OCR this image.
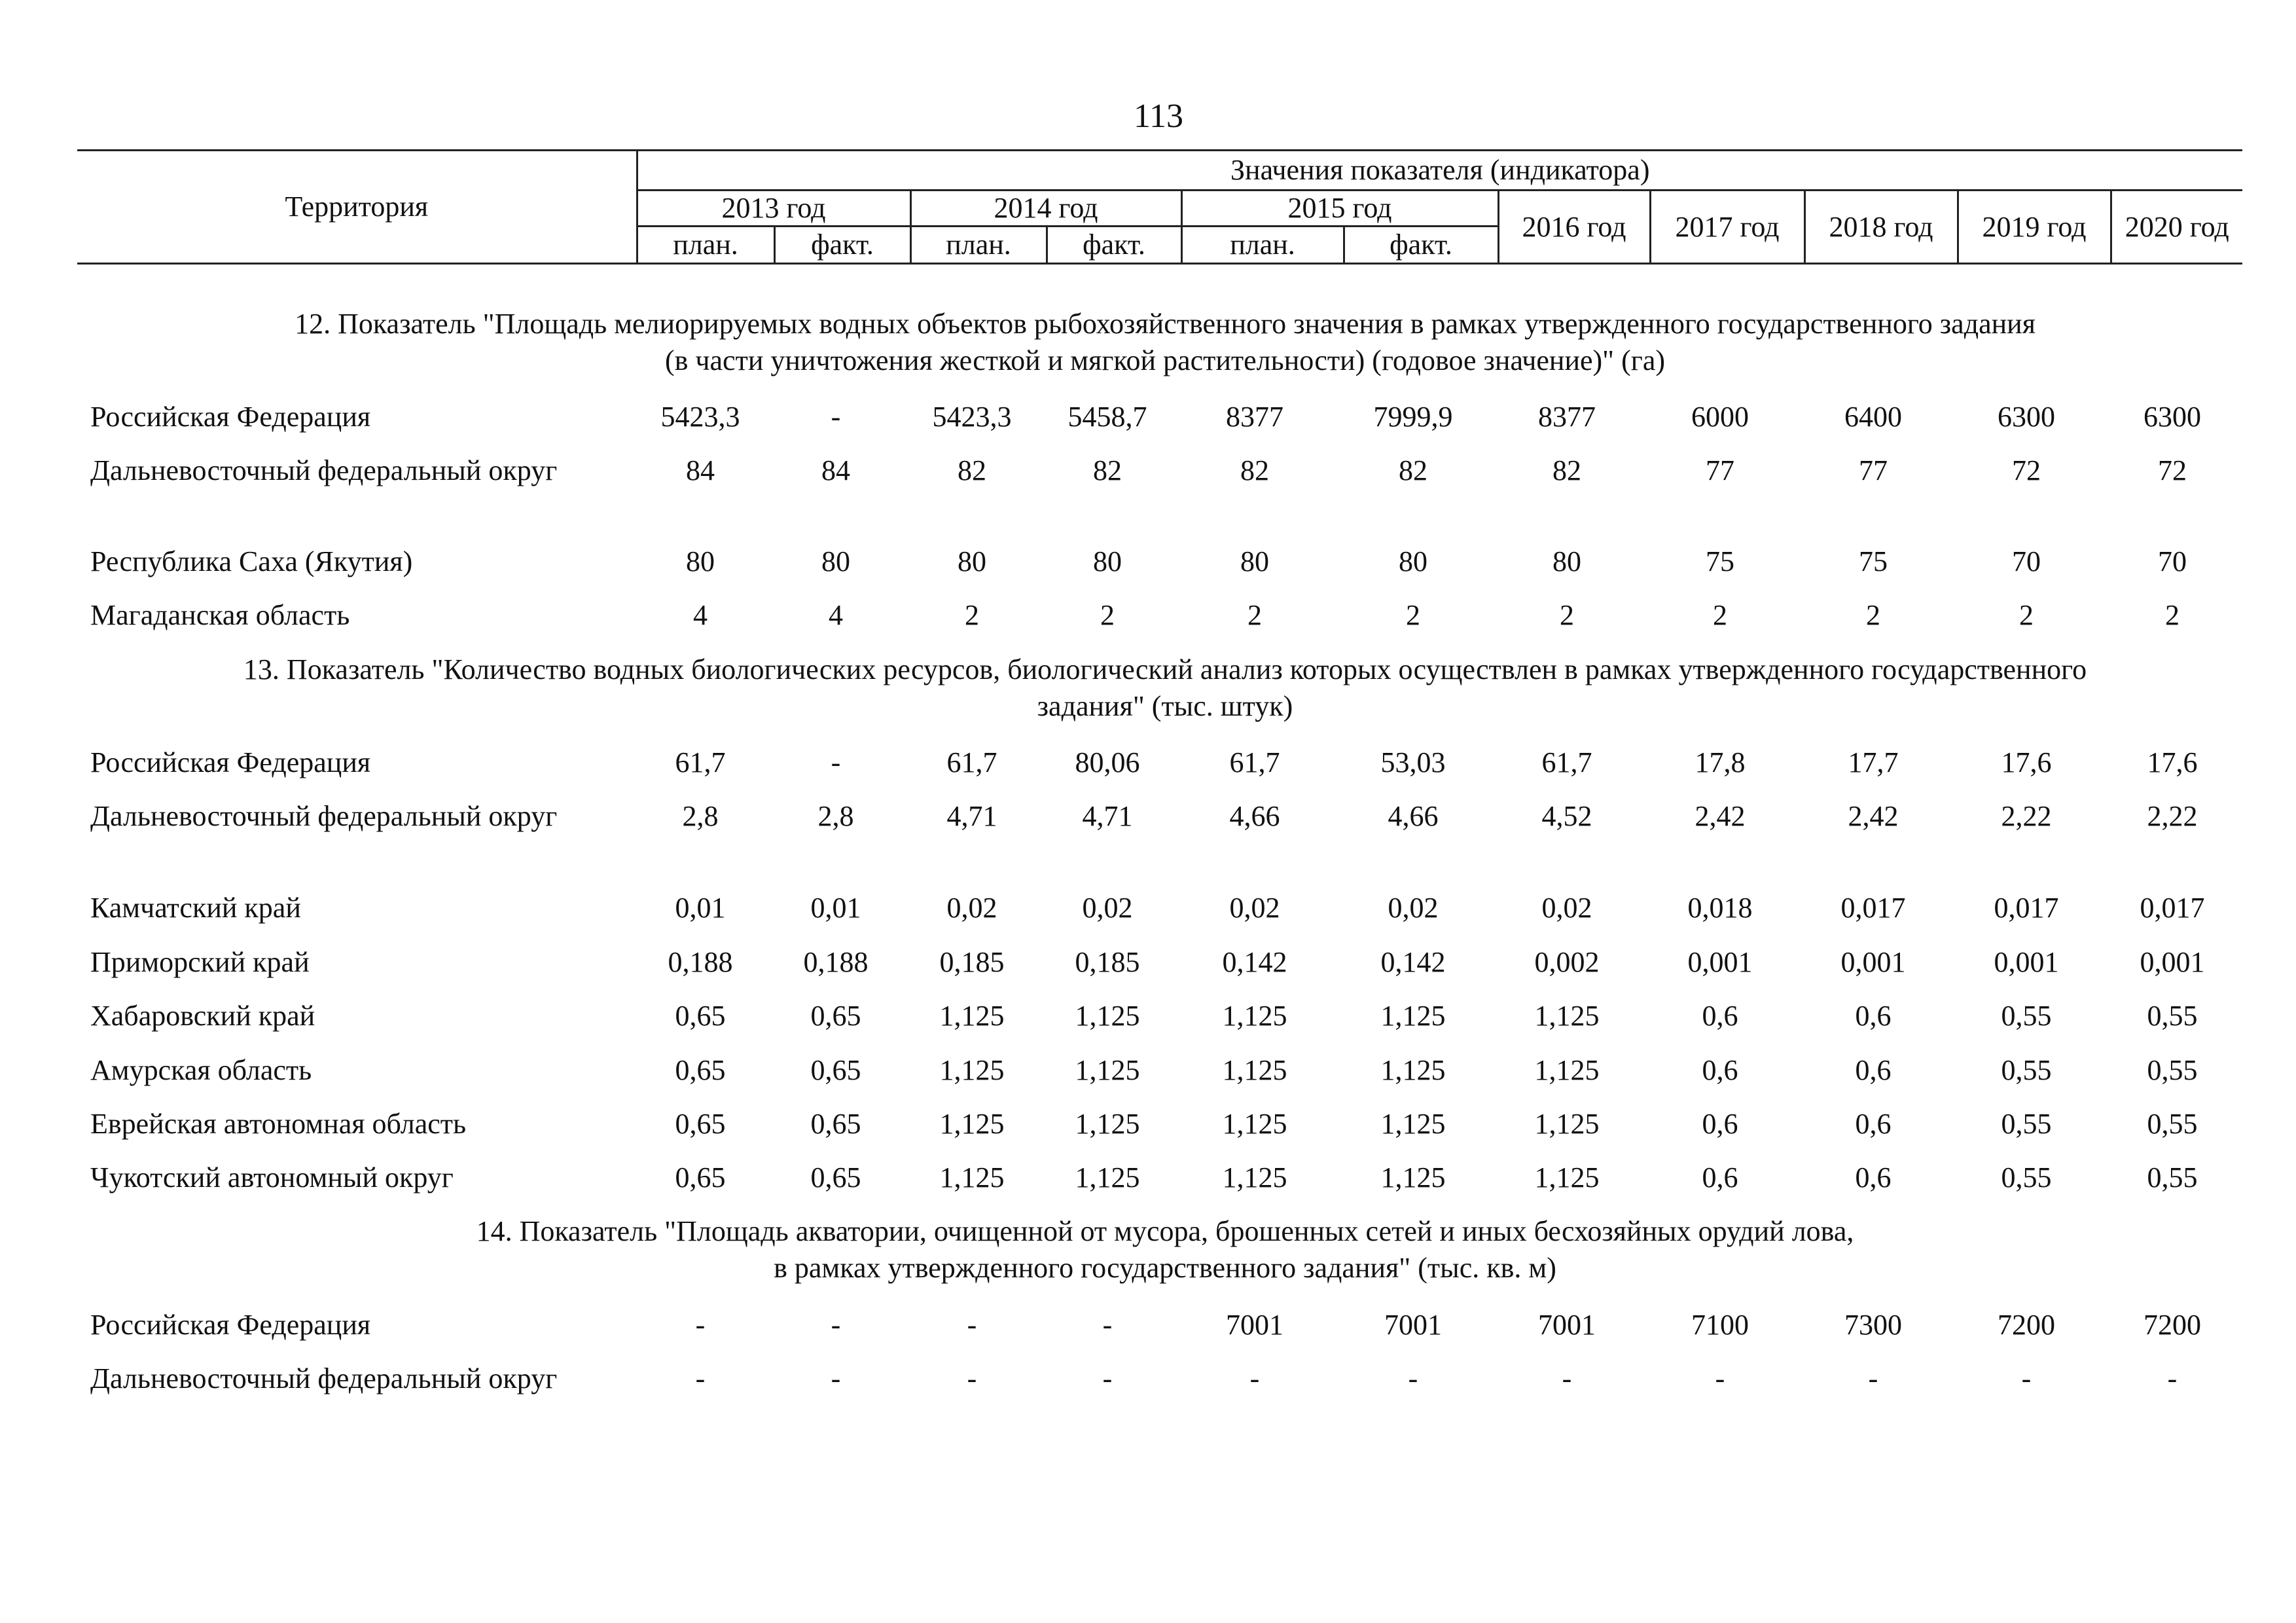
113
Территория	Значения показателя (индикатора)										
	2013 год		2014 год		2015 год		2016 год	2017 год	2018 год	2019 год	2020 год
	план.	факт.	план.	факт.	план.	факт.					
12. Показатель "Площадь мелиорируемых водных объектов рыбохозяйственного значения в рамках утвержденного государственного задания
(в части уничтожения жесткой и мягкой растительности) (годовое значение)" (га)
Российская Федерация	5423,3	-	5423,3	5458,7	8377	7999,9	8377	6000	6400	6300	6300
Дальневосточный федеральный округ	84	84	82	82	82	82	82	77	77	72	72
Республика Саха (Якутия)	80	80	80	80	80	80	80	75	75	70	70
Магаданская область	4	4	2	2	2	2	2	2	2	2	2
13. Показатель "Количество водных биологических ресурсов, биологический анализ которых осуществлен в рамках утвержденного государственного
задания" (тыс. штук)
Российская Федерация	61,7	-	61,7	80,06	61,7	53,03	61,7	17,8	17,7	17,6	17,6
Дальневосточный федеральный округ	2,8	2,8	4,71	4,71	4,66	4,66	4,52	2,42	2,42	2,22	2,22
Камчатский край	0,01	0,01	0,02	0,02	0,02	0,02	0,02	0,018	0,017	0,017	0,017
Приморский край	0,188	0,188	0,185	0,185	0,142	0,142	0,002	0,001	0,001	0,001	0,001
Хабаровский край	0,65	0,65	1,125	1,125	1,125	1,125	1,125	0,6	0,6	0,55	0,55
Амурская область	0,65	0,65	1,125	1,125	1,125	1,125	1,125	0,6	0,6	0,55	0,55
Еврейская автономная область	0,65	0,65	1,125	1,125	1,125	1,125	1,125	0,6	0,6	0,55	0,55
Чукотский автономный округ	0,65	0,65	1,125	1,125	1,125	1,125	1,125	0,6	0,6	0,55	0,55
14. Показатель "Площадь акватории, очищенной от мусора, брошенных сетей и иных бесхозяйных орудий лова,
в рамках утвержденного государственного задания" (тыс. кв. м)
Российская Федерация	-	-	-	-	7001	7001	7001	7100	7300	7200	7200
Дальневосточный федеральный округ	-	-	-	-	-	-	-	-	-	-	-
